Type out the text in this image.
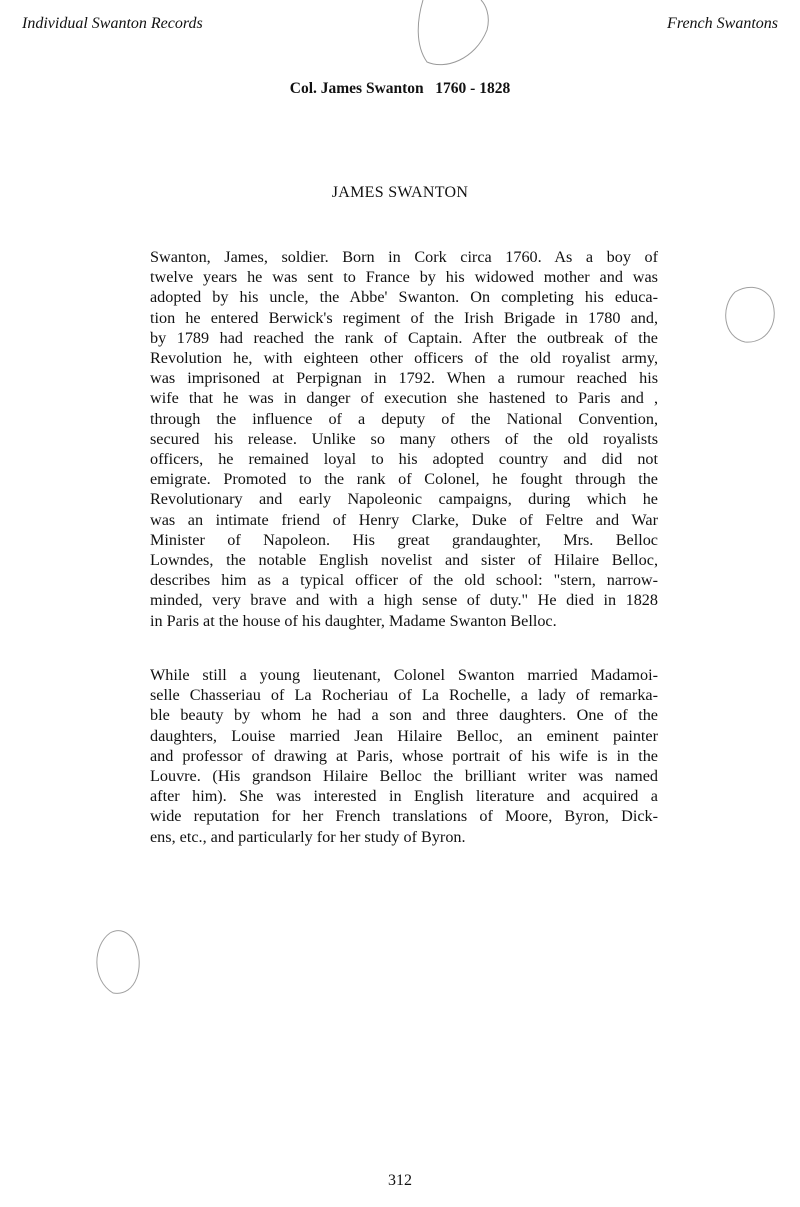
Individual Swanton Records	French Swantons
Col. James Swanton   1760 - 1828
JAMES SWANTON
Swanton, James, soldier. Born in Cork circa 1760. As a boy of
twelve years he was sent to France by his widowed mother and was
adopted by his uncle, the Abbe' Swanton. On completing his educa-
tion he entered Berwick's regiment of the Irish Brigade in 1780 and,
by 1789 had reached the rank of Captain. After the outbreak of the
Revolution he, with eighteen other officers of the old royalist army,
was imprisoned at Perpignan in 1792. When a rumour reached his
wife that he was in danger of execution she hastened to Paris and ,
through the influence of a deputy of the National Convention,
secured his release. Unlike so many others of the old royalists
officers, he remained loyal to his adopted country and did not
emigrate. Promoted to the rank of Colonel, he fought through the
Revolutionary and early Napoleonic campaigns, during which he
was an intimate friend of Henry Clarke, Duke of Feltre and War
Minister of Napoleon. His great grandaughter, Mrs. Belloc
Lowndes, the notable English novelist and sister of Hilaire Belloc,
describes him as a typical officer of the old school: "stern, narrow-
minded, very brave and with a high sense of duty." He died in 1828
in Paris at the house of his daughter, Madame Swanton Belloc.
While still a young lieutenant, Colonel Swanton married Madamoi-
selle Chasseriau of La Rocheriau of La Rochelle, a lady of remarka-
ble beauty by whom he had a son and three daughters. One of the
daughters, Louise married Jean Hilaire Belloc, an eminent painter
and professor of drawing at Paris, whose portrait of his wife is in the
Louvre. (His grandson Hilaire Belloc the brilliant writer was named
after him). She was interested in English literature and acquired a
wide reputation for her French translations of Moore, Byron, Dick-
ens, etc., and particularly for her study of Byron.
312
